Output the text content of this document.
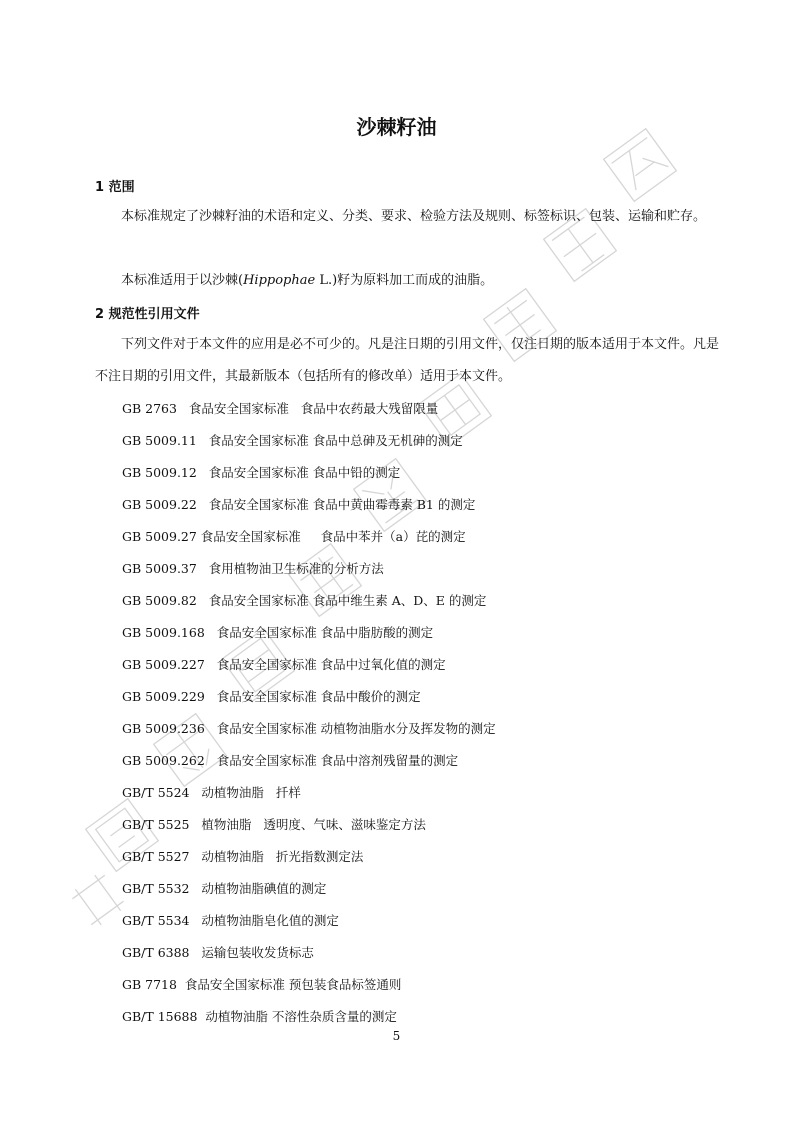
沙棘籽油
1 范围
本标准规定了沙棘籽油的术语和定义、分类、要求、检验方法及规则、标签标识、包装、运输和贮存。
本标准适用于以沙棘(Hippophae L.)籽为原料加工而成的油脂。
2 规范性引用文件
下列文件对于本文件的应用是必不可少的。凡是注日期的引用文件，仅注日期的版本适用于本文件。凡是不注日期的引用文件，其最新版本（包括所有的修改单）适用于本文件。
GB 2763   食品安全国家标准   食品中农药最大残留限量
GB 5009.11   食品安全国家标准 食品中总砷及无机砷的测定
GB 5009.12   食品安全国家标准 食品中铅的测定
GB 5009.22   食品安全国家标准 食品中黄曲霉毒素 B1 的测定
GB 5009.27 食品安全国家标准     食品中苯并（a）芘的测定
GB 5009.37   食用植物油卫生标准的分析方法
GB 5009.82   食品安全国家标准 食品中维生素 A、D、E 的测定
GB 5009.168   食品安全国家标准 食品中脂肪酸的测定
GB 5009.227   食品安全国家标准 食品中过氧化值的测定
GB 5009.229   食品安全国家标准 食品中酸价的测定
GB 5009.236   食品安全国家标准 动植物油脂水分及挥发物的测定
GB 5009.262   食品安全国家标准 食品中溶剂残留量的测定
GB/T 5524   动植物油脂   扦样
GB/T 5525   植物油脂   透明度、气味、滋味鉴定方法
GB/T 5527   动植物油脂   折光指数测定法
GB/T 5532   动植物油脂碘值的测定
GB/T 5534   动植物油脂皂化值的测定
GB/T 6388   运输包装收发货标志
GB 7718  食品安全国家标准 预包装食品标签通则
GB/T 15688  动植物油脂 不溶性杂质含量的测定
5
